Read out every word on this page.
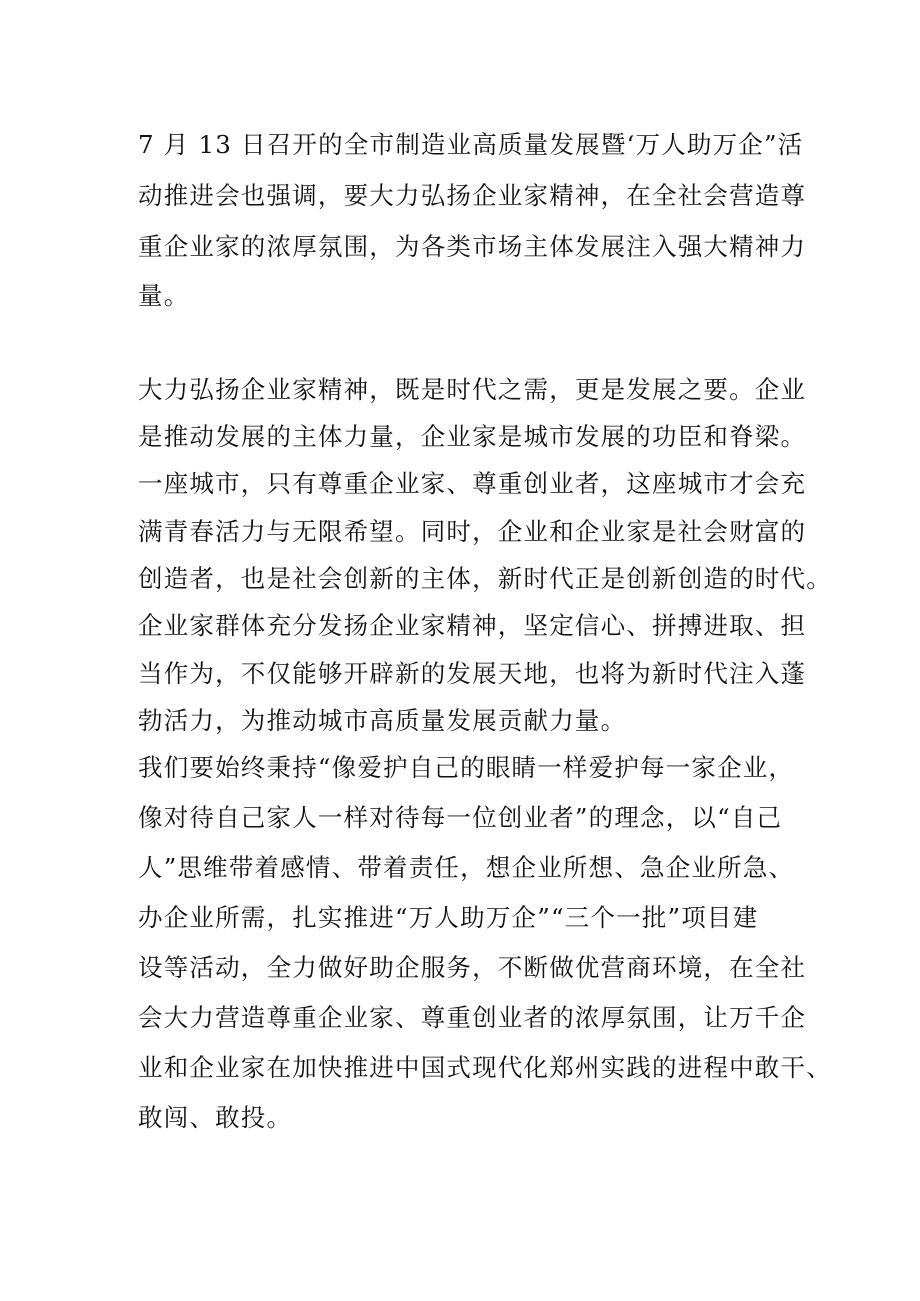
7 月 13 日召开的全市制造业高质量发展暨‘万人助万企”活

动推进会也强调，要大力弘扬企业家精神，在全社会营造尊

重企业家的浓厚氛围，为各类市场主体发展注入强大精神力

量。

大力弘扬企业家精神，既是时代之需，更是发展之要。企业

是推动发展的主体力量，企业家是城市发展的功臣和脊梁。

一座城市，只有尊重企业家、尊重创业者，这座城市才会充

满青春活力与无限希望。同时，企业和企业家是社会财富的

创造者，也是社会创新的主体，新时代正是创新创造的时代。

企业家群体充分发扬企业家精神，坚定信心、拼搏进取、担

当作为，不仅能够开辟新的发展天地，也将为新时代注入蓬

勃活力，为推动城市高质量发展贡献力量。

我们要始终秉持“像爱护自己的眼睛一样爱护每一家企业，

像对待自己家人一样对待每一位创业者”的理念，以“自己

人”思维带着感情、带着责任，想企业所想、急企业所急、

办企业所需，扎实推进“万人助万企”“三个一批”项目建

设等活动，全力做好助企服务，不断做优营商环境，在全社

会大力营造尊重企业家、尊重创业者的浓厚氛围，让万千企

业和企业家在加快推进中国式现代化郑州实践的进程中敢干、

敢闯、敢投。
